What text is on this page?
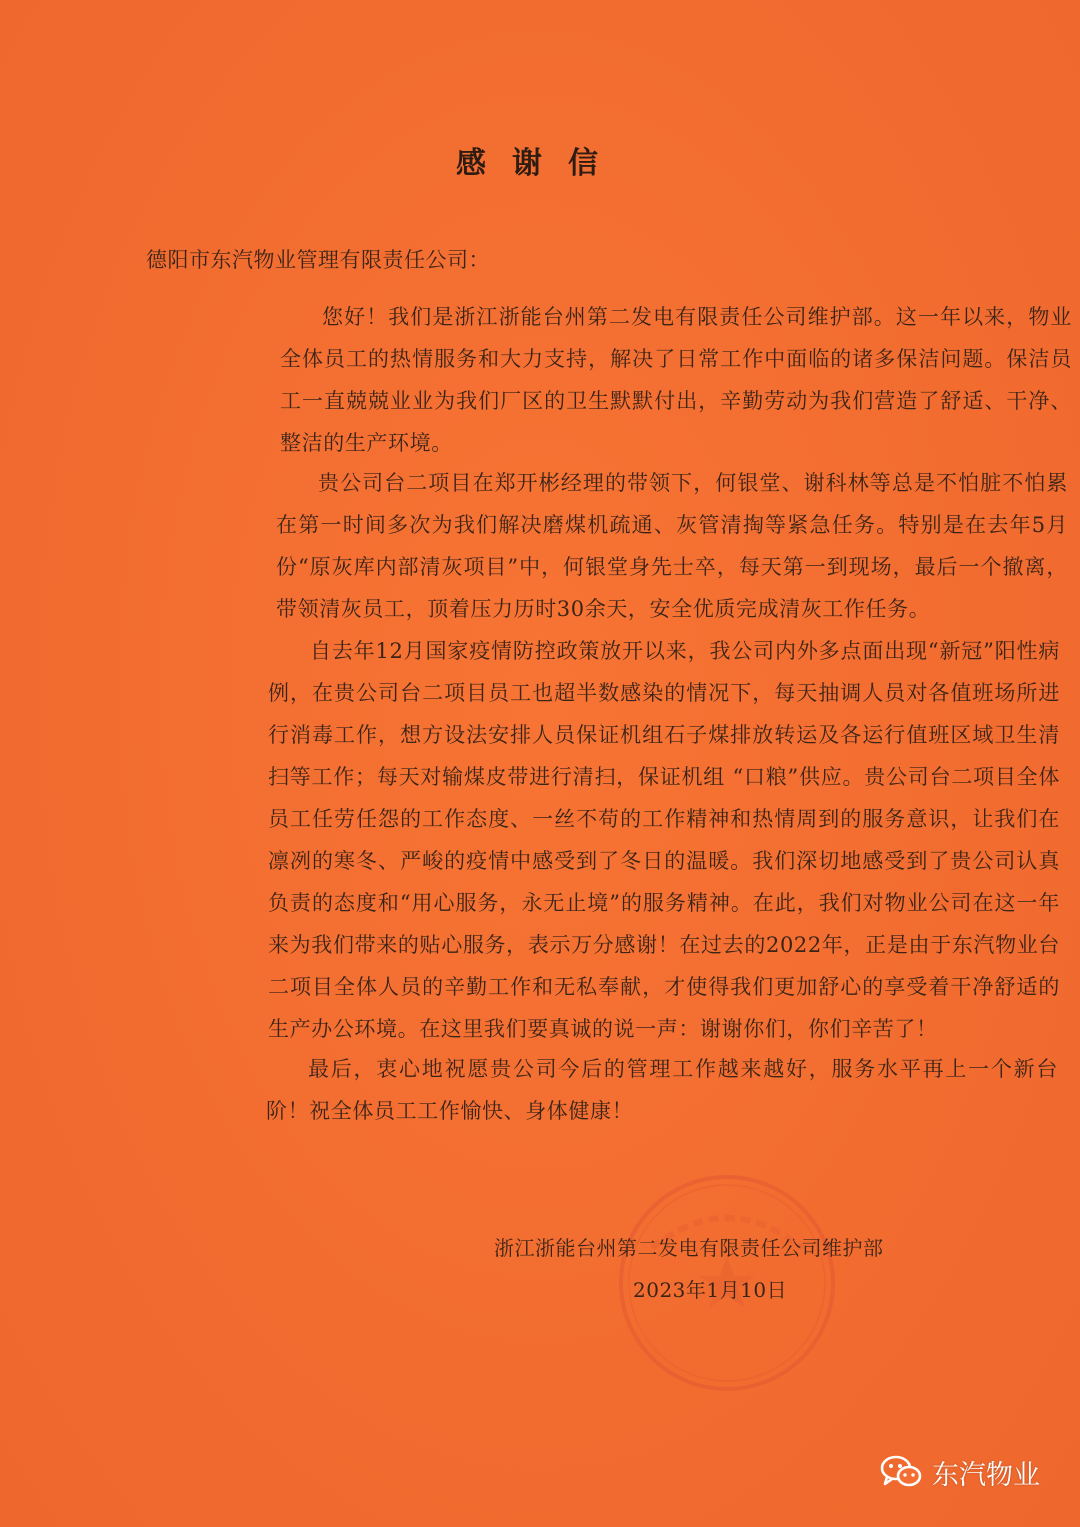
感谢信
德阳市东汽物业管理有限责任公司：

您好！我们是浙江浙能台州第二发电有限责任公司维护部。这一年以来，物业全体员工的热情服务和大力支持，解决了日常工作中面临的诸多保洁问题。保洁员工一直兢兢业业为我们厂区的卫生默默付出，辛勤劳动为我们营造了舒适、干净、整洁的生产环境。

贵公司台二项目在郑开彬经理的带领下，何银堂、谢科林等总是不怕脏不怕累在第一时间多次为我们解决磨煤机疏通、灰管清掏等紧急任务。特别是在去年5月份“原灰库内部清灰项目”中，何银堂身先士卒，每天第一到现场，最后一个撤离，带领清灰员工，顶着压力历时30余天，安全优质完成清灰工作任务。

自去年12月国家疫情防控政策放开以来，我公司内外多点面出现“新冠”阳性病例，在贵公司台二项目员工也超半数感染的情况下，每天抽调人员对各值班场所进行消毒工作，想方设法安排人员保证机组石子煤排放转运及各运行值班区域卫生清扫等工作；每天对输煤皮带进行清扫，保证机组 “口粮”供应。贵公司台二项目全体员工任劳任怨的工作态度、一丝不苟的工作精神和热情周到的服务意识，让我们在凛冽的寒冬、严峻的疫情中感受到了冬日的温暖。我们深切地感受到了贵公司认真负责的态度和“用心服务，永无止境”的服务精神。在此，我们对物业公司在这一年来为我们带来的贴心服务，表示万分感谢！在过去的2022年，正是由于东汽物业台二项目全体人员的辛勤工作和无私奉献，才使得我们更加舒心的享受着干净舒适的生产办公环境。在这里我们要真诚的说一声：谢谢你们，你们辛苦了！

最后，衷心地祝愿贵公司今后的管理工作越来越好，服务水平再上一个新台阶！祝全体员工工作愉快、身体健康！

浙江浙能台州第二发电有限责任公司维护部
2023年1月10日
东汽物业
